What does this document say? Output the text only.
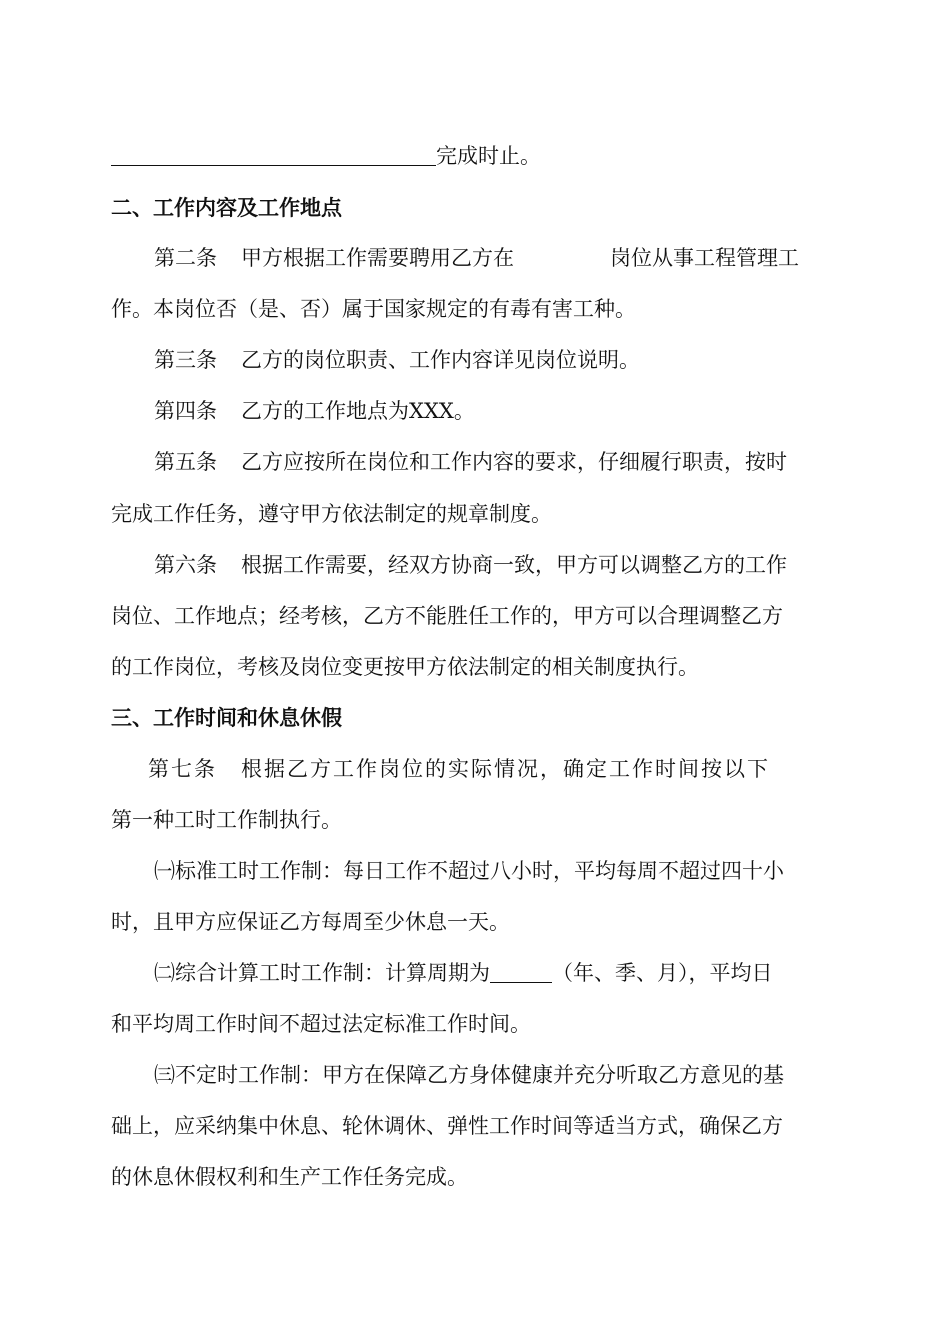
完成时止。
二、工作内容及工作地点
第二条 甲方根据工作需要聘用乙方在	岗位从事工程管理工
作。本岗位否（是、否）属于国家规定的有毒有害工种。
第三条 乙方的岗位职责、工作内容详见岗位说明。
第四条 乙方的工作地点为XXX。
第五条 乙方应按所在岗位和工作内容的要求，仔细履行职责，按时
完成工作任务，遵守甲方依法制定的规章制度。
第六条 根据工作需要，经双方协商一致，甲方可以调整乙方的工作
岗位、工作地点；经考核，乙方不能胜任工作的，甲方可以合理调整乙方
的工作岗位，考核及岗位变更按甲方依法制定的相关制度执行。
三、工作时间和休息休假
第七条 根据乙方工作岗位的实际情况，确定工作时间按以下
第一种工时工作制执行。
㈠标准工时工作制：每日工作不超过八小时，平均每周不超过四十小
时，且甲方应保证乙方每周至少休息一天。
㈡综合计算工时工作制：计算周期为	（年、季、月），平均日
和平均周工作时间不超过法定标准工作时间。
㈢不定时工作制：甲方在保障乙方身体健康并充分听取乙方意见的基
础上，应采纳集中休息、轮休调休、弹性工作时间等适当方式，确保乙方
的休息休假权利和生产工作任务完成。
